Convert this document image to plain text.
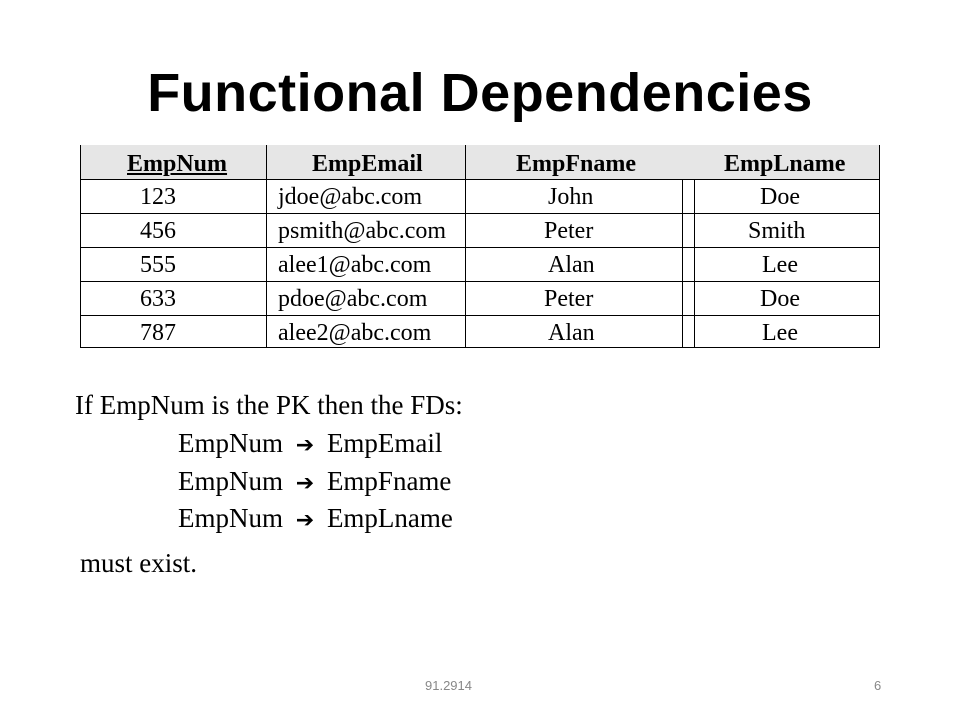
Functional Dependencies
EmpNum	EmpEmail	EmpFname	EmpLname
123	jdoe@abc.com	John	Doe
456	psmith@abc.com	Peter	Smith
555	alee1@abc.com	Alan	Lee
633	pdoe@abc.com	Peter	Doe
787	alee2@abc.com	Alan	Lee
If EmpNum is the PK then the FDs:
EmpNum ➔ EmpEmail
EmpNum ➔ EmpFname
EmpNum ➔ EmpLname
must exist.
91.2914	6
